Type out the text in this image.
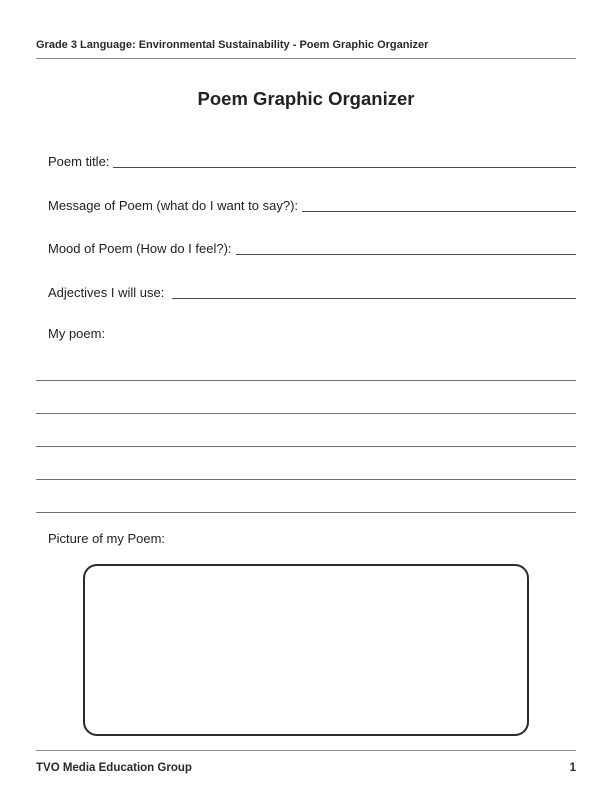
Grade 3 Language: Environmental Sustainability - Poem Graphic Organizer
Poem Graphic Organizer
Poem title:
Message of Poem (what do I want to say?):
Mood of Poem (How do I feel?):
Adjectives I will use:
My poem:
Picture of my Poem:
TVO Media Education Group	1
